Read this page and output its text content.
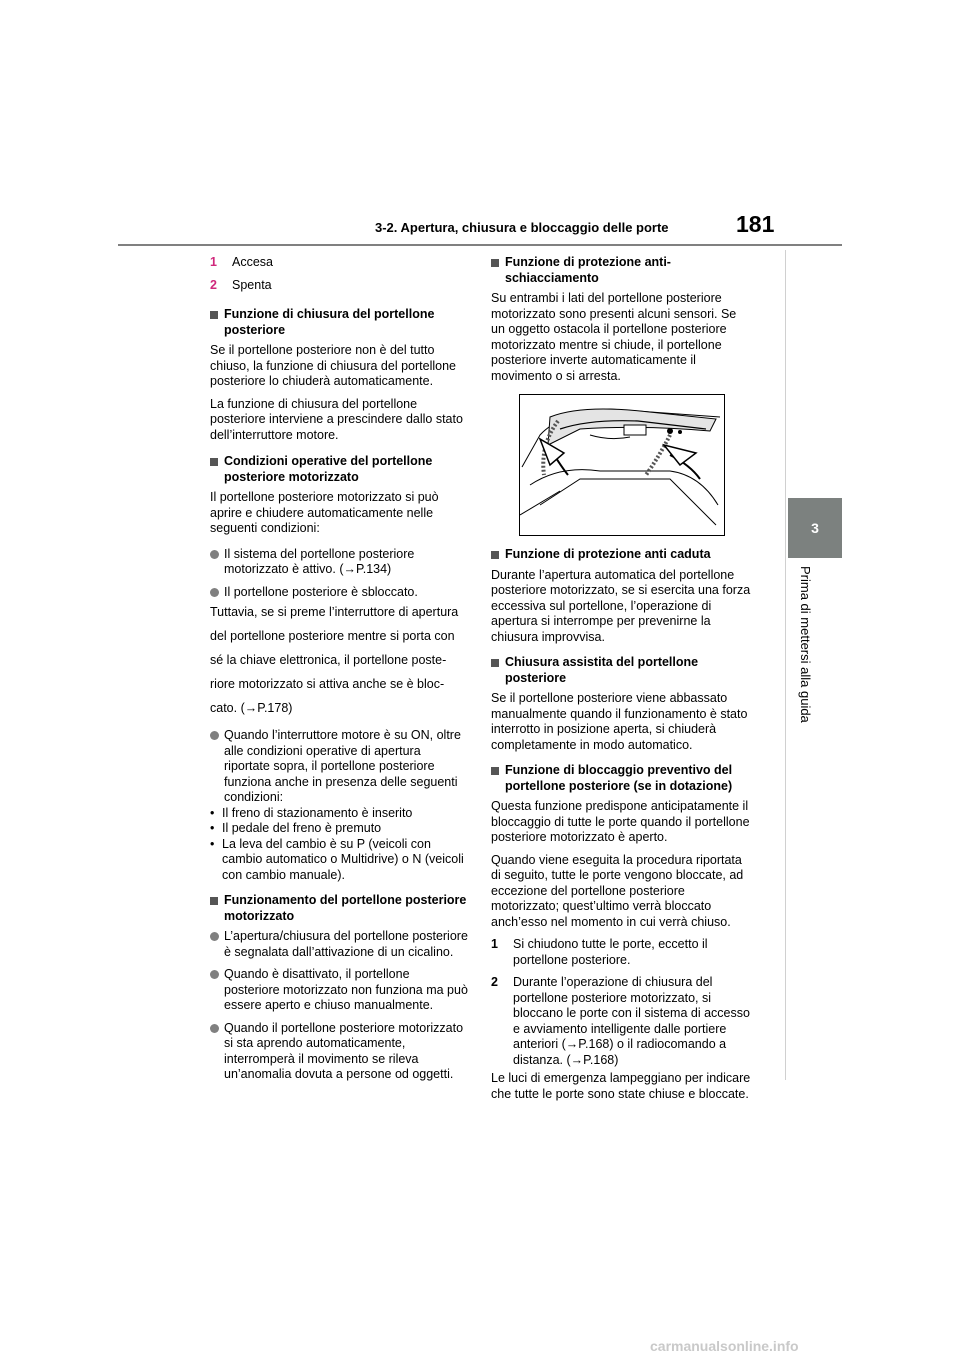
181
3-2. Apertura, chiusura e bloccaggio delle porte
3
Prima di mettersi alla guida
1	Accesa
2	Spenta
Funzione di chiusura del portellone posteriore

Se il portellone posteriore non è del tutto chiuso, la funzione di chiusura del portellone posteriore lo chiuderà automaticamente.

La funzione di chiusura del portellone posteriore interviene a prescindere dallo stato dell’interruttore motore.

Condizioni operative del portellone posteriore motorizzato

Il portellone posteriore motorizzato si può aprire e chiudere automaticamente nelle seguenti condizioni:

Il sistema del portellone posteriore motorizzato è attivo. (→P.134)
Il portellone posteriore è sbloccato.

Tuttavia, se si preme l’interruttore di apertura

del portellone posteriore mentre si porta con

sé la chiave elettronica, il portellone poste-

riore motorizzato si attiva anche se è bloc-

cato. (→P.178)

Quando l’interruttore motore è su ON, oltre alle condizioni operative di apertura riportate sopra, il portellone posteriore funziona anche in presenza delle seguenti condizioni:
• Il freno di stazionamento è inserito
• Il pedale del freno è premuto
• La leva del cambio è su P (veicoli con cambio automatico o Multidrive) o N (veicoli con cambio manuale).
Funzionamento del portellone posteriore motorizzato
L’apertura/chiusura del portellone posteriore è segnalata dall’attivazione di un cicalino.
Quando è disattivato, il portellone posteriore motorizzato non funziona ma può essere aperto e chiuso manualmente.
Quando il portellone posteriore motorizzato si sta aprendo automaticamente, interromperà il movimento se rileva un’anomalia dovuta a persone od oggetti.
Funzione di protezione anti-schiacciamento

Su entrambi i lati del portellone posteriore motorizzato sono presenti alcuni sensori. Se un oggetto ostacola il portellone posteriore motorizzato mentre si chiude, il portellone posteriore inverte automaticamente il movimento o si arresta.

Funzione di protezione anti caduta

Durante l’apertura automatica del portellone posteriore motorizzato, se si esercita una forza eccessiva sul portellone, l’operazione di apertura si interrompe per prevenirne la chiusura improvvisa.

Chiusura assistita del portellone posteriore

Se il portellone posteriore viene abbassato manualmente quando il funzionamento è stato interrotto in posizione aperta, si chiuderà completamente in modo automatico.

Funzione di bloccaggio preventivo del portellone posteriore (se in dotazione)

Questa funzione predispone anticipatamente il bloccaggio di tutte le porte quando il portellone posteriore motorizzato è aperto.

Quando viene eseguita la procedura riportata di seguito, tutte le porte vengono bloccate, ad eccezione del portellone posteriore motorizzato; quest’ultimo verrà bloccato anch’esso nel momento in cui verrà chiuso.

1	Si chiudono tutte le porte, eccetto il portellone posteriore.
2	Durante l’operazione di chiusura del portellone posteriore motorizzato, si bloccano le porte con il sistema di accesso e avviamento intelligente dalle portiere anteriori (→P.168) o il radiocomando a distanza. (→P.168)

Le luci di emergenza lampeggiano per indicare che tutte le porte sono state chiuse e bloccate.

carmanualsonline.info
